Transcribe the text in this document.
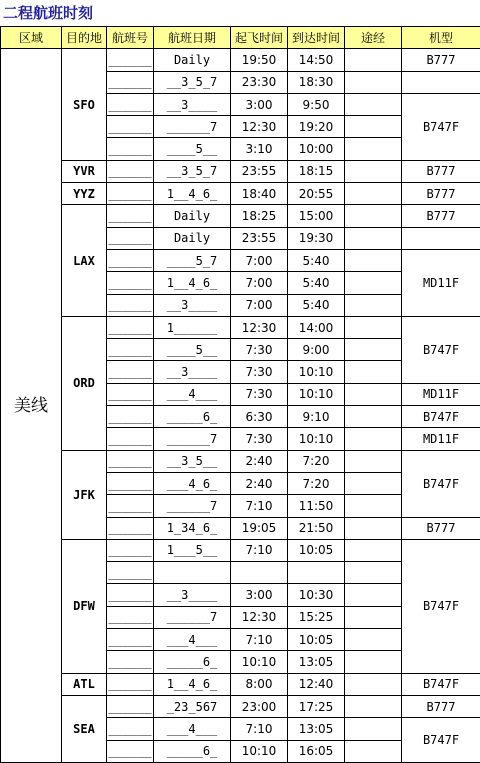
二程航班时刻
区域	目的地	航班号	航班日期	起飞时间	到达时间	途经	机型
美线	SFO	______	Daily	19:50	14:50		B777
		______	__3_5_7	23:30	18:30		
		______	__3____	3:00	9:50		B747F
		______	______7	12:30	19:20		
		______	____5__	3:10	10:00		
	YVR	______	__3_5_7	23:55	18:15		B777
	YYZ	______	1__4_6_	18:40	20:55		B777
	LAX	______	Daily	18:25	15:00		B777
		______	Daily	23:55	19:30		
		______	____5_7	7:00	5:40		MD11F
		______	1__4_6_	7:00	5:40		
		______	__3____	7:00	5:40		
	ORD	______	1______	12:30	14:00		B747F
		______	____5__	7:30	9:00		
		______	__3____	7:30	10:10		
		______	___4___	7:30	10:10		MD11F
		______	_____6_	6:30	9:10		B747F
		______	______7	7:30	10:10		MD11F
	JFK	______	__3_5__	2:40	7:20		B747F
		______	___4_6_	2:40	7:20		
		______	______7	7:10	11:50		
		______	1_34_6_	19:05	21:50		B777
	DFW	______	1___5__	7:10	10:05		B747F
		______					
		______	__3____	3:00	10:30		
		______	______7	12:30	15:25		
		______	___4___	7:10	10:05		
		______	_____6_	10:10	13:05		
	ATL	______	1__4_6_	8:00	12:40		B747F
	SEA	______	_23_567	23:00	17:25		B777
		______	___4___	7:10	13:05		B747F
		______	_____6_	10:10	16:05		
